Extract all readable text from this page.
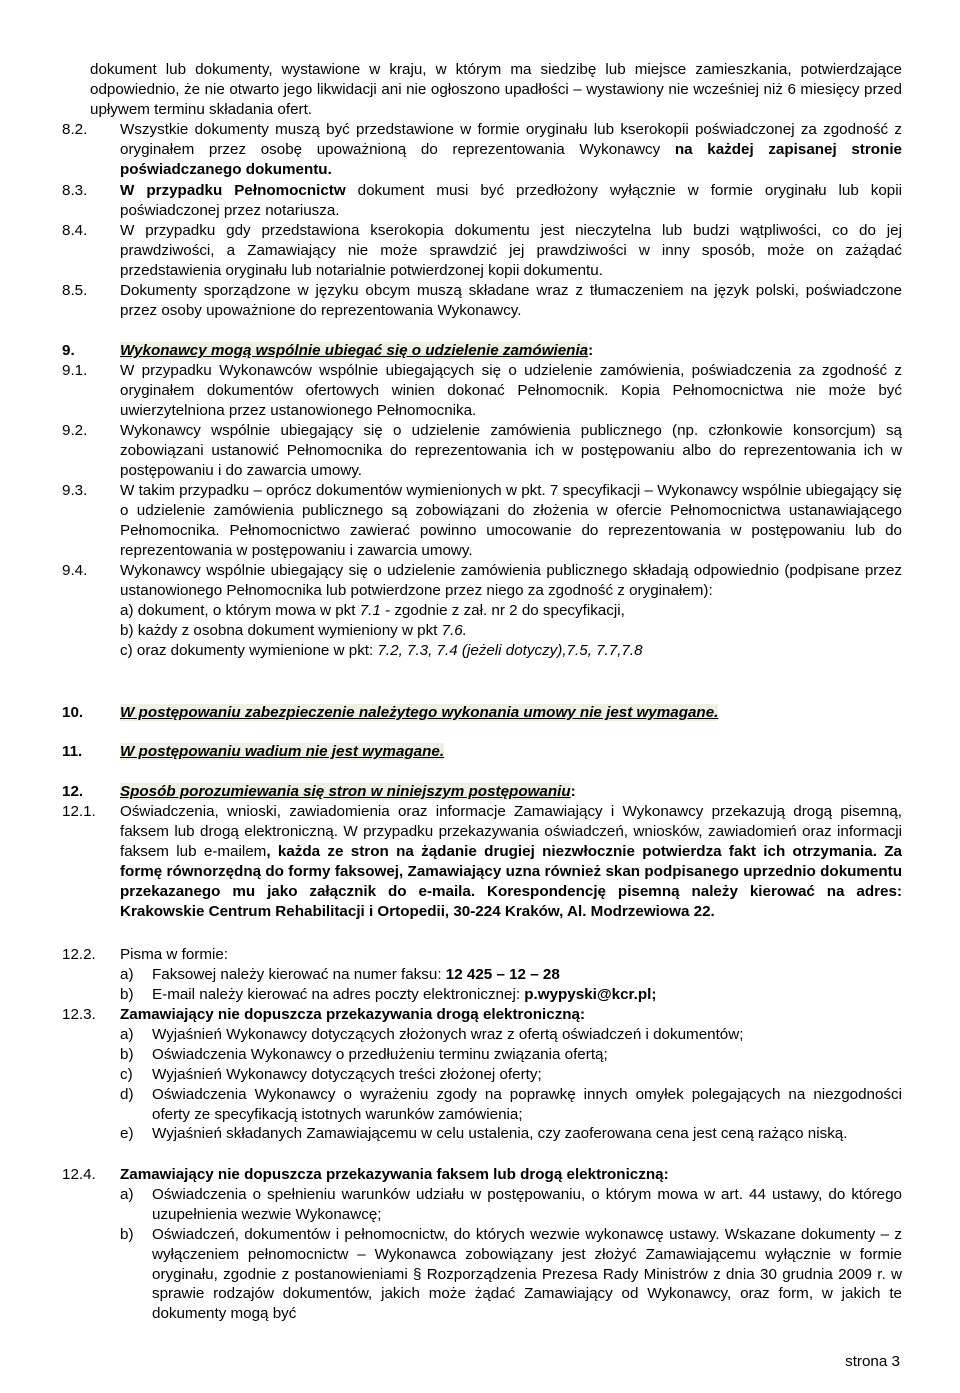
dokument lub dokumenty, wystawione w kraju, w którym ma siedzibę lub miejsce zamieszkania, potwierdzające odpowiednio, że nie otwarto jego likwidacji ani nie ogłoszono upadłości – wystawiony nie wcześniej niż 6 miesięcy przed upływem terminu składania ofert.
8.2. Wszystkie dokumenty muszą być przedstawione w formie oryginału lub kserokopii poświadczonej za zgodność z oryginałem przez osobę upoważnioną do reprezentowania Wykonawcy na każdej zapisanej stronie poświadczanego dokumentu.
8.3. W przypadku Pełnomocnictw dokument musi być przedłożony wyłącznie w formie oryginału lub kopii poświadczonej przez notariusza.
8.4. W przypadku gdy przedstawiona kserokopia dokumentu jest nieczytelna lub budzi wątpliwości, co do jej prawdziwości, a Zamawiający nie może sprawdzić jej prawdziwości w inny sposób, może on zażądać przedstawienia oryginału lub notarialnie potwierdzonej kopii dokumentu.
8.5. Dokumenty sporządzone w języku obcym muszą składane wraz z tłumaczeniem na język polski, poświadczone przez osoby upoważnione do reprezentowania Wykonawcy.
9.	Wykonawcy mogą wspólnie ubiegać się o udzielenie zamówienia:
9.1. W przypadku Wykonawców wspólnie ubiegających się o udzielenie zamówienia, poświadczenia za zgodność z oryginałem dokumentów ofertowych winien dokonać Pełnomocnik. Kopia Pełnomocnictwa nie może być uwierzytelniona przez ustanowionego Pełnomocnika.
9.2. Wykonawcy wspólnie ubiegający się o udzielenie zamówienia publicznego (np. członkowie konsorcjum) są zobowiązani ustanowić Pełnomocnika do reprezentowania ich w postępowaniu albo do reprezentowania ich w postępowaniu i do zawarcia umowy.
9.3. W takim przypadku – oprócz dokumentów wymienionych w pkt. 7 specyfikacji – Wykonawcy wspólnie ubiegający się o udzielenie zamówienia publicznego są zobowiązani do złożenia w ofercie Pełnomocnictwa ustanawiającego Pełnomocnika. Pełnomocnictwo zawierać powinno umocowanie do reprezentowania w postępowaniu lub do reprezentowania w postępowaniu i zawarcia umowy.
9.4. Wykonawcy wspólnie ubiegający się o udzielenie zamówienia publicznego składają odpowiednio (podpisane przez ustanowionego Pełnomocnika lub potwierdzone przez niego za zgodność z oryginałem):
a) dokument, o którym mowa w pkt 7.1 - zgodnie z zał. nr 2 do specyfikacji,
b) każdy z osobna dokument wymieniony w pkt 7.6.
c) oraz dokumenty wymienione w pkt: 7.2, 7.3, 7.4 (jeżeli dotyczy),7.5, 7.7,7.8
10. W postępowaniu zabezpieczenie należytego wykonania umowy nie jest wymagane.
11. W postępowaniu wadium nie jest wymagane.
12. Sposób porozumiewania się stron w niniejszym postępowaniu:
12.1. Oświadczenia, wnioski, zawiadomienia oraz informacje Zamawiający i Wykonawcy przekazują drogą pisemną, faksem lub drogą elektroniczną. W przypadku przekazywania oświadczeń, wniosków, zawiadomień oraz informacji faksem lub e-mailem, każda ze stron na żądanie drugiej niezwłocznie potwierdza fakt ich otrzymania. Za formę równorzędną do formy faksowej, Zamawiający uzna również skan podpisanego uprzednio dokumentu przekazanego mu jako załącznik do e-maila. Korespondencję pisemną należy kierować na adres: Krakowskie Centrum Rehabilitacji i Ortopedii, 30-224 Kraków, Al. Modrzewiowa 22.
12.2. Pisma w formie:
a) Faksowej należy kierować na numer faksu: 12 425 – 12 – 28
b) E-mail należy kierować na adres poczty elektronicznej: p.wypyski@kcr.pl;
12.3. Zamawiający nie dopuszcza przekazywania drogą elektroniczną:
a) Wyjaśnień Wykonawcy dotyczących złożonych wraz z ofertą oświadczeń i dokumentów;
b) Oświadczenia Wykonawcy o przedłużeniu terminu związania ofertą;
c) Wyjaśnień Wykonawcy dotyczących treści złożonej oferty;
d) Oświadczenia Wykonawcy o wyrażeniu zgody na poprawkę innych omyłek polegających na niezgodności oferty ze specyfikacją istotnych warunków zamówienia;
e) Wyjaśnień składanych Zamawiającemu w celu ustalenia, czy zaoferowana cena jest ceną rażąco niską.
12.4. Zamawiający nie dopuszcza przekazywania faksem lub drogą elektroniczną:
a) Oświadczenia o spełnieniu warunków udziału w postępowaniu, o którym mowa w art. 44 ustawy, do którego uzupełnienia wezwie Wykonawcę;
b) Oświadczeń, dokumentów i pełnomocnictw, do których wezwie wykonawcę ustawy. Wskazane dokumenty – z wyłączeniem pełnomocnictw – Wykonawca zobowiązany jest złożyć Zamawiającemu wyłącznie w formie oryginału, zgodnie z postanowieniami § Rozporządzenia Prezesa Rady Ministrów z dnia 30 grudnia 2009 r. w sprawie rodzajów dokumentów, jakich może żądać Zamawiający od Wykonawcy, oraz form, w jakich te dokumenty mogą być
strona 3
